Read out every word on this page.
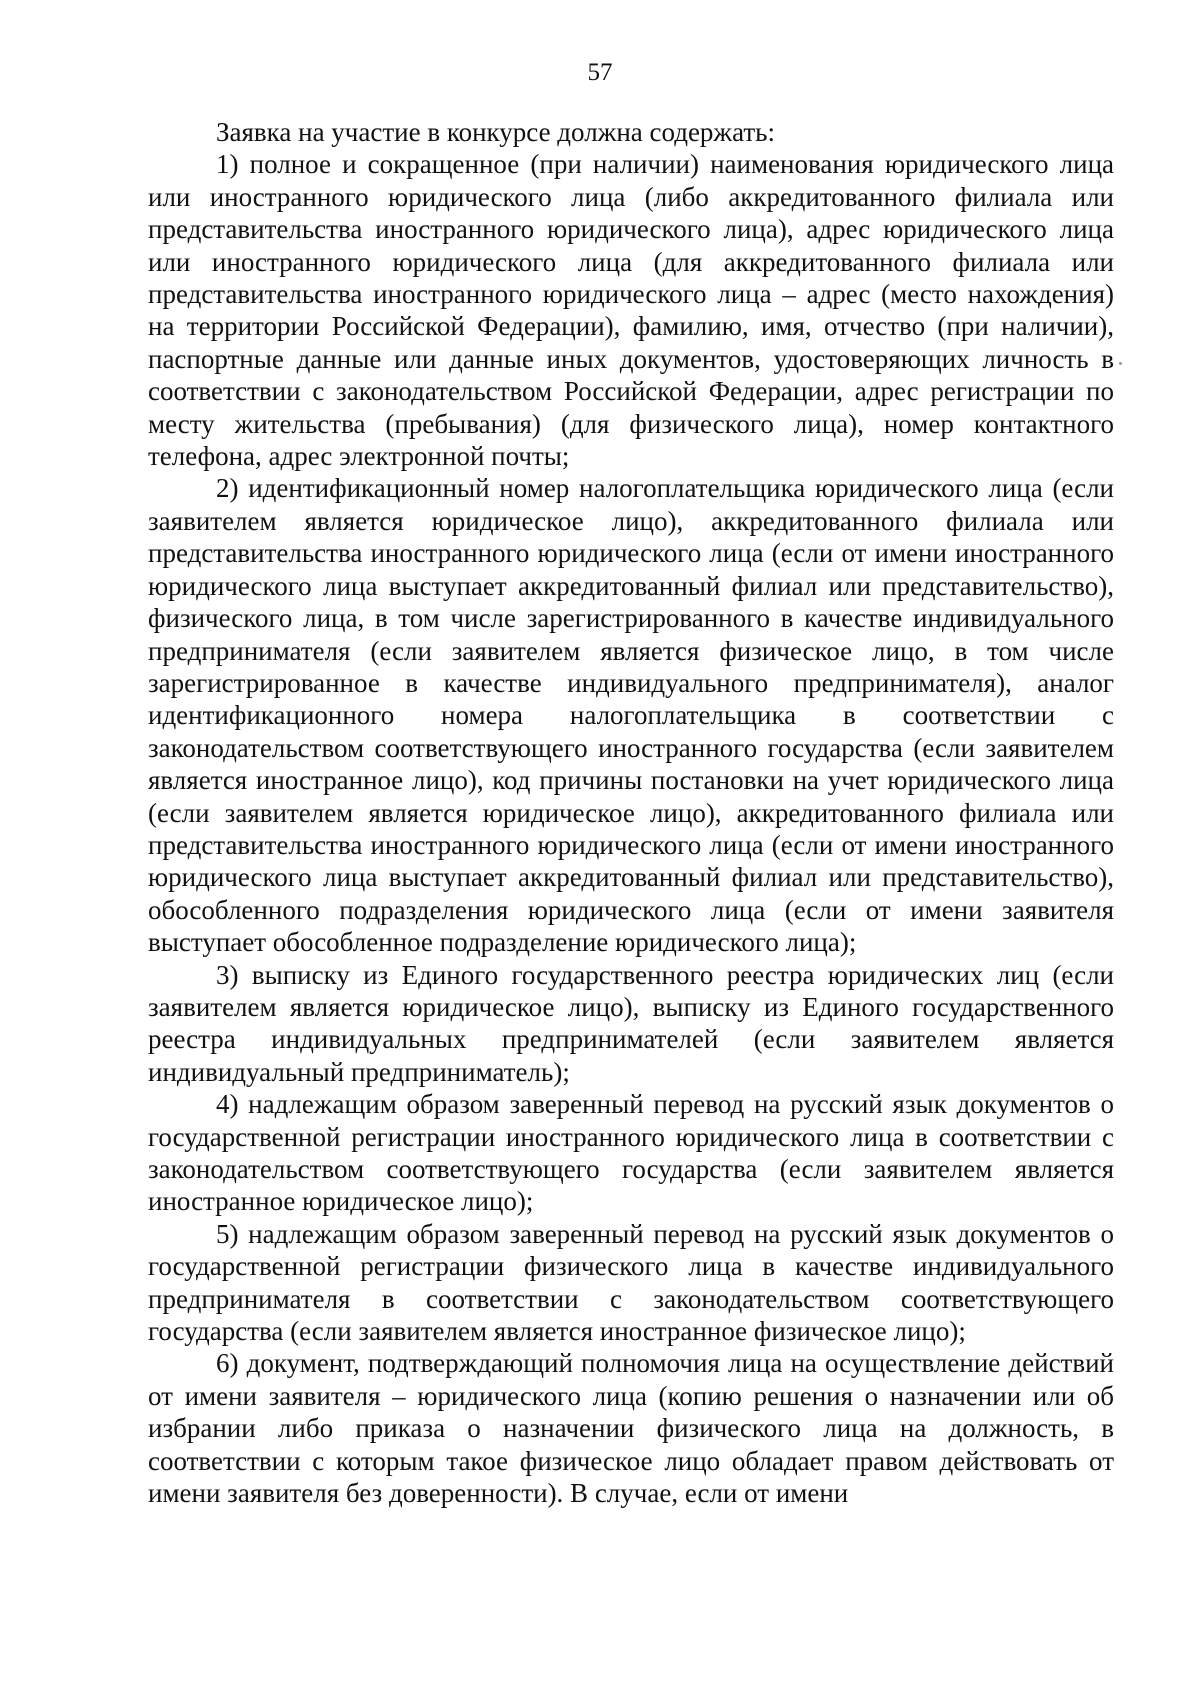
57

Заявка на участие в конкурсе должна содержать:

1) полное и сокращенное (при наличии) наименования юридического лица или иностранного юридического лица (либо аккредитованного филиала или представительства иностранного юридического лица), адрес юридического лица или иностранного юридического лица (для аккредитованного филиала или представительства иностранного юридического лица – адрес (место нахождения) на территории Российской Федерации), фамилию, имя, отчество (при наличии), паспортные данные или данные иных документов, удостоверяющих личность в соответствии с законодательством Российской Федерации, адрес регистрации по месту жительства (пребывания) (для физического лица), номер контактного телефона, адрес электронной почты;

2) идентификационный номер налогоплательщика юридического лица (если заявителем является юридическое лицо), аккредитованного филиала или представительства иностранного юридического лица (если от имени иностранного юридического лица выступает аккредитованный филиал или представительство), физического лица, в том числе зарегистрированного в качестве индивидуального предпринимателя (если заявителем является физическое лицо, в том числе зарегистрированное в качестве индивидуального предпринимателя), аналог идентификационного номера налогоплательщика в соответствии с законодательством соответствующего иностранного государства (если заявителем является иностранное лицо), код причины постановки на учет юридического лица (если заявителем является юридическое лицо), аккредитованного филиала или представительства иностранного юридического лица (если от имени иностранного юридического лица выступает аккредитованный филиал или представительство), обособленного подразделения юридического лица (если от имени заявителя выступает обособленное подразделение юридического лица);

3) выписку из Единого государственного реестра юридических лиц (если заявителем является юридическое лицо), выписку из Единого государственного реестра индивидуальных предпринимателей (если заявителем является индивидуальный предприниматель);

4) надлежащим образом заверенный перевод на русский язык документов о государственной регистрации иностранного юридического лица в соответствии с законодательством соответствующего государства (если заявителем является иностранное юридическое лицо);

5) надлежащим образом заверенный перевод на русский язык документов о государственной регистрации физического лица в качестве индивидуального предпринимателя в соответствии с законодательством соответствующего государства (если заявителем является иностранное физическое лицо);

6) документ, подтверждающий полномочия лица на осуществление действий от имени заявителя – юридического лица (копию решения о назначении или об избрании либо приказа о назначении физического лица на должность, в соответствии с которым такое физическое лицо обладает правом действовать от имени заявителя без доверенности). В случае, если от имени
